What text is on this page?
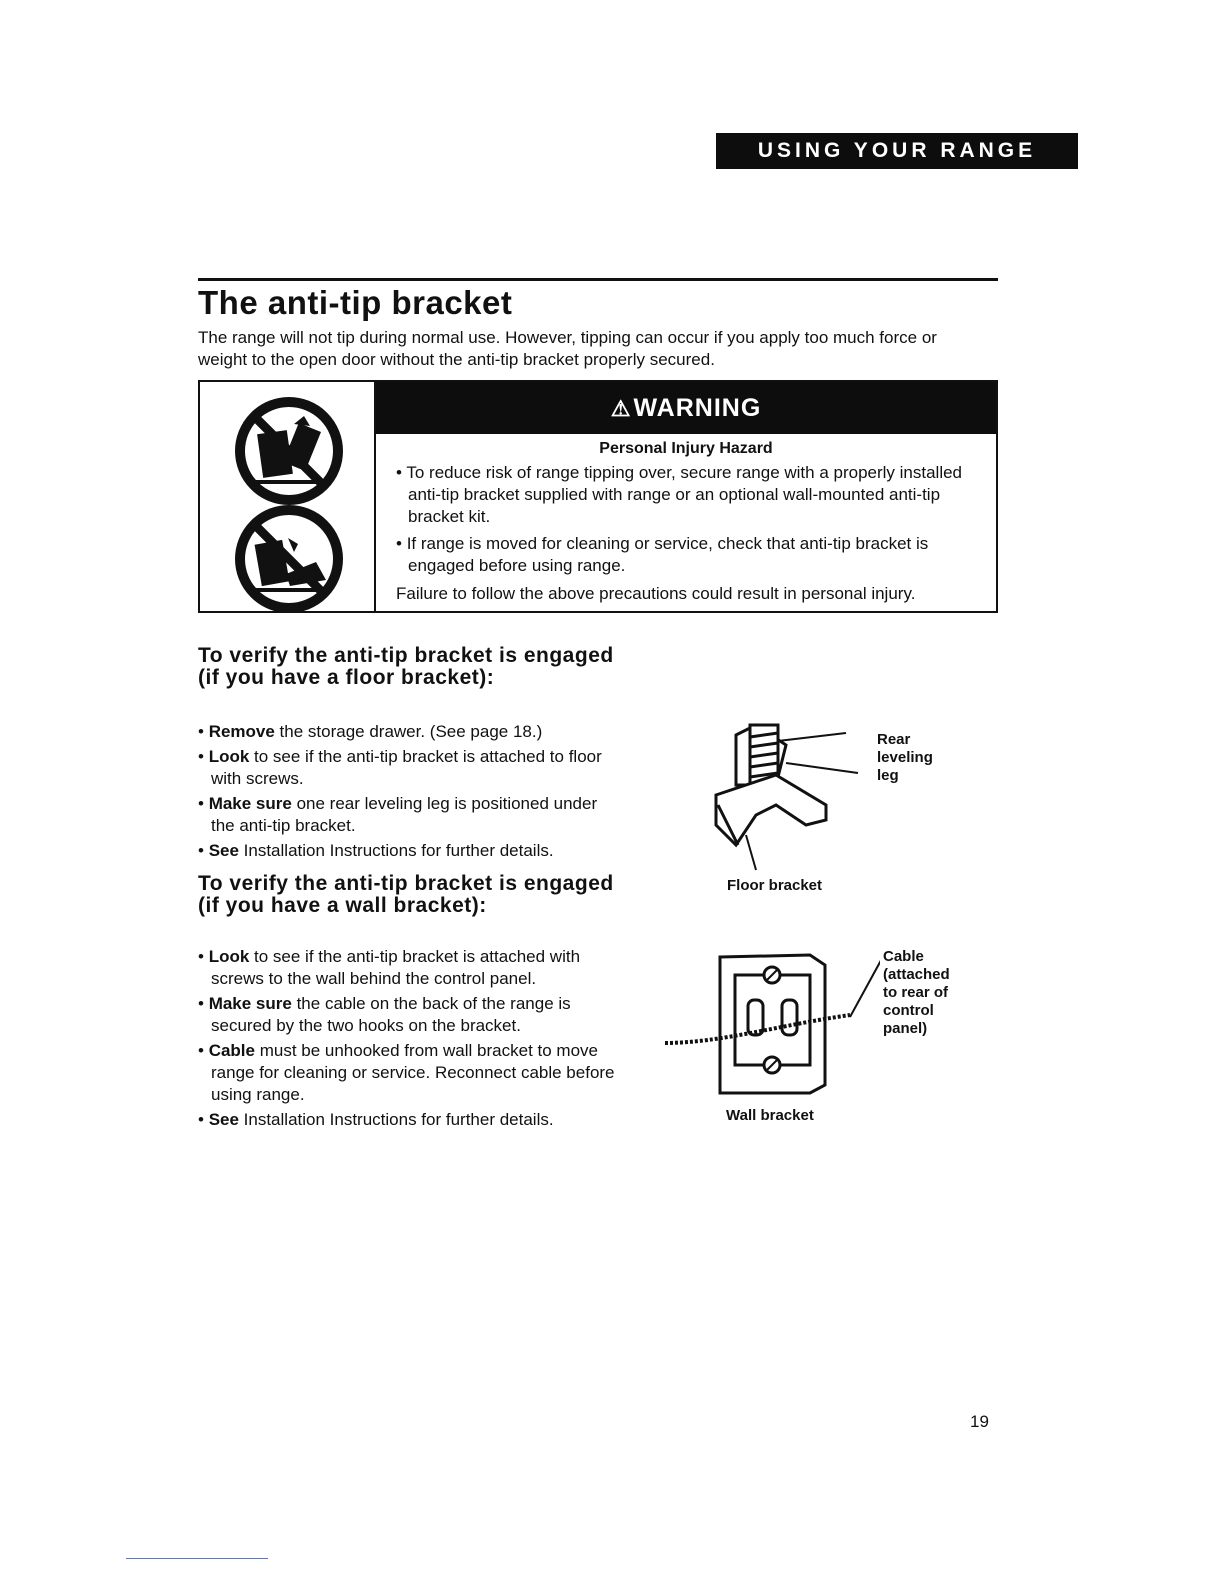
USING YOUR RANGE
The anti-tip bracket

The range will not tip during normal use. However, tipping can occur if you apply too much force or weight to the open door without the anti-tip bracket properly secured.

⚠WARNING
Personal Injury Hazard
• To reduce risk of range tipping over, secure range with a properly installed anti-tip bracket supplied with range or an optional wall-mounted anti-tip bracket kit.
• If range is moved for cleaning or service, check that anti-tip bracket is engaged before using range.
Failure to follow the above precautions could result in personal injury.
To verify the anti-tip bracket is engaged (if you have a floor bracket):
• Remove the storage drawer. (See page 18.)
• Look to see if the anti-tip bracket is attached to floor with screws.
• Make sure one rear leveling leg is positioned under the anti-tip bracket.
• See Installation Instructions for further details.
To verify the anti-tip bracket is engaged (if you have a wall bracket):
• Look to see if the anti-tip bracket is attached with screws to the wall behind the control panel.
• Make sure the cable on the back of the range is secured by the two hooks on the bracket.
• Cable must be unhooked from wall bracket to move range for cleaning or service. Reconnect cable before using range.
• See Installation Instructions for further details.
Rear
leveling
leg
Floor bracket
Cable
(attached
to rear of
control
panel)
Wall bracket
19
